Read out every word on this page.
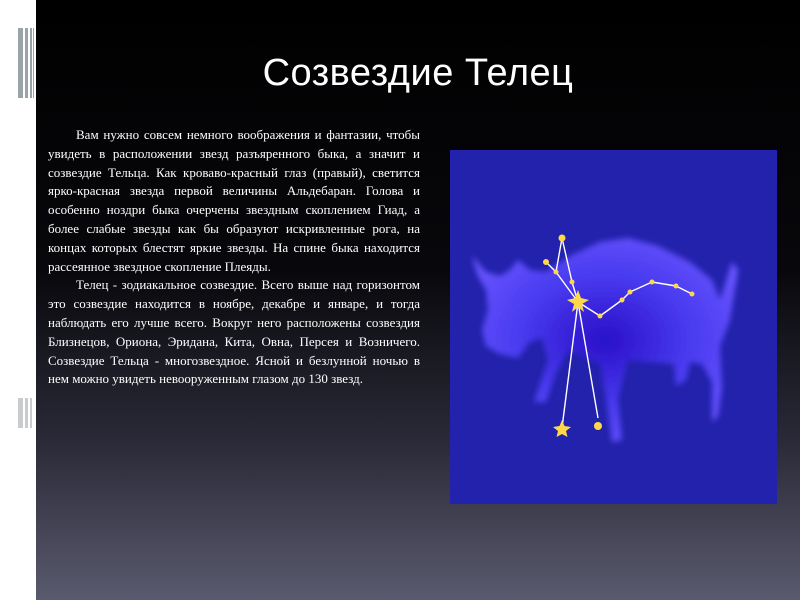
Созвездие Телец

Вам нужно совсем немного воображения и фантазии, чтобы увидеть в расположении звезд разъяренного быка, а значит и созвездие Тельца. Как кроваво-красный глаз (правый), светится ярко-красная звезда первой величины Альдебаран. Голова и особенно ноздри быка очерчены звездным скоплением Гиад, а более слабые звезды как бы образуют искривленные рога, на концах которых блестят яркие звезды. На спине быка находится рассеянное звездное скопление Плеяды.

Телец - зодиакальное созвездие. Всего выше над горизонтом это созвездие находится в ноябре, декабре и январе, и тогда наблюдать его лучше всего. Вокруг него расположены созвездия Близнецов, Ориона, Эридана, Кита, Овна, Персея и Возничего. Созвездие Тельца - многозвездное. Ясной и безлунной ночью в нем можно увидеть невооруженным глазом до 130 звезд.
